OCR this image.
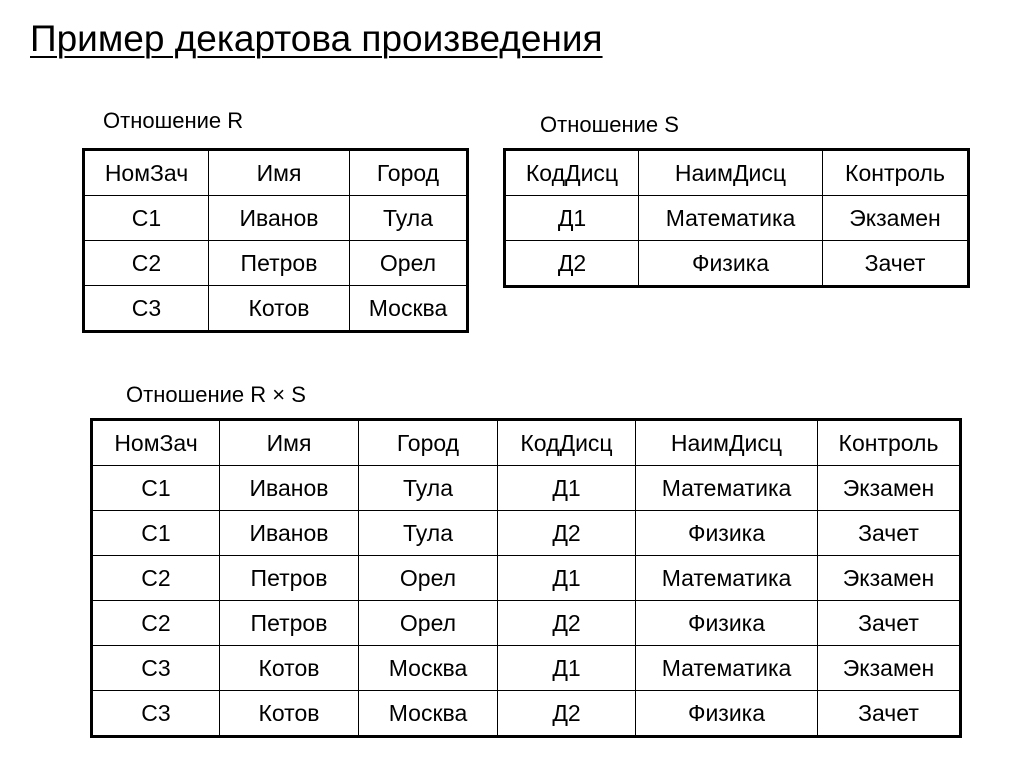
Пример декартова произведения
Отношение R
НомЗач	Имя	Город
С1	Иванов	Тула
С2	Петров	Орел
С3	Котов	Москва
Отношение S
КодДисц	НаимДисц	Контроль
Д1	Математика	Экзамен
Д2	Физика	Зачет
Отношение R × S
НомЗач	Имя	Город	КодДисц	НаимДисц	Контроль
С1	Иванов	Тула	Д1	Математика	Экзамен
С1	Иванов	Тула	Д2	Физика	Зачет
С2	Петров	Орел	Д1	Математика	Экзамен
С2	Петров	Орел	Д2	Физика	Зачет
С3	Котов	Москва	Д1	Математика	Экзамен
С3	Котов	Москва	Д2	Физика	Зачет
